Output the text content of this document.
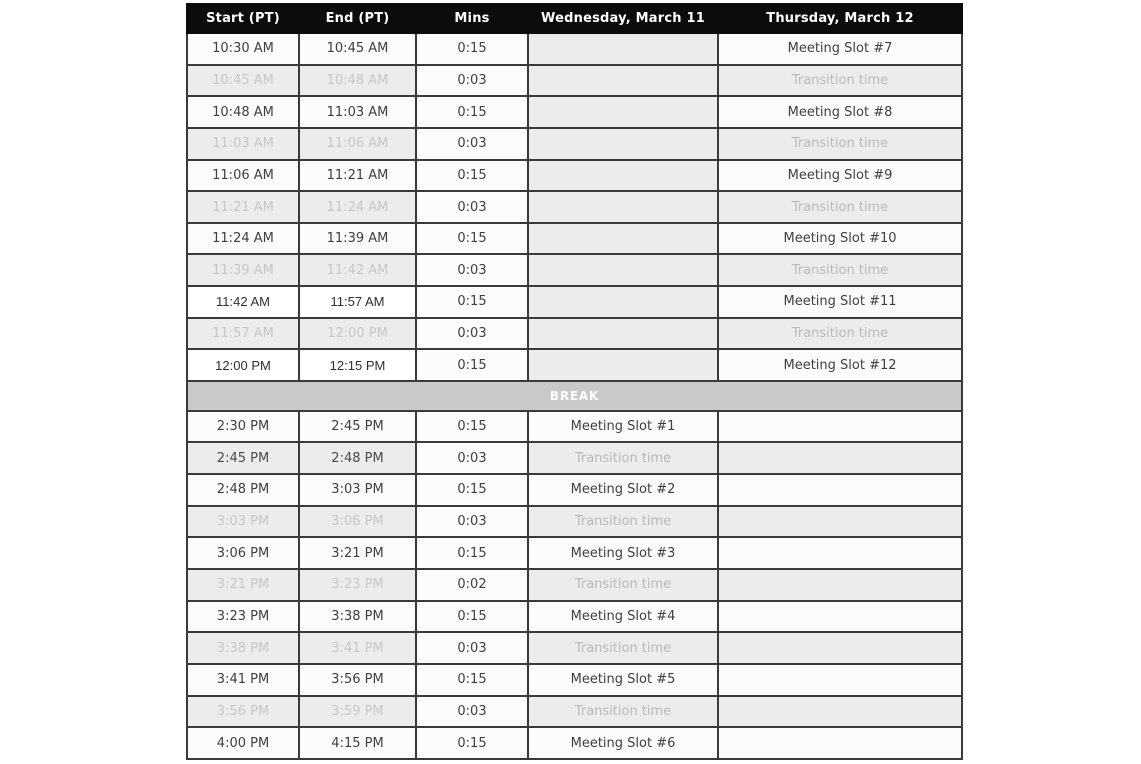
Start (PT)	End (PT)	Mins	Wednesday, March 11	Thursday, March 12
10:30 AM	10:45 AM	0:15		Meeting Slot #7
10:45 AM	10:48 AM	0:03		Transition time
10:48 AM	11:03 AM	0:15		Meeting Slot #8
11:03 AM	11:06 AM	0:03		Transition time
11:06 AM	11:21 AM	0:15		Meeting Slot #9
11:21 AM	11:24 AM	0:03		Transition time
11:24 AM	11:39 AM	0:15		Meeting Slot #10
11:39 AM	11:42 AM	0:03		Transition time
11:42 AM	11:57 AM	0:15		Meeting Slot #11
11:57 AM	12:00 PM	0:03		Transition time
12:00 PM	12:15 PM	0:15		Meeting Slot #12
BREAK				
2:30 PM	2:45 PM	0:15	Meeting Slot #1	
2:45 PM	2:48 PM	0:03	Transition time	
2:48 PM	3:03 PM	0:15	Meeting Slot #2	
3:03 PM	3:06 PM	0:03	Transition time	
3:06 PM	3:21 PM	0:15	Meeting Slot #3	
3:21 PM	3:23 PM	0:02	Transition time	
3:23 PM	3:38 PM	0:15	Meeting Slot #4	
3:38 PM	3:41 PM	0:03	Transition time	
3:41 PM	3:56 PM	0:15	Meeting Slot #5	
3:56 PM	3:59 PM	0:03	Transition time	
4:00 PM	4:15 PM	0:15	Meeting Slot #6	
